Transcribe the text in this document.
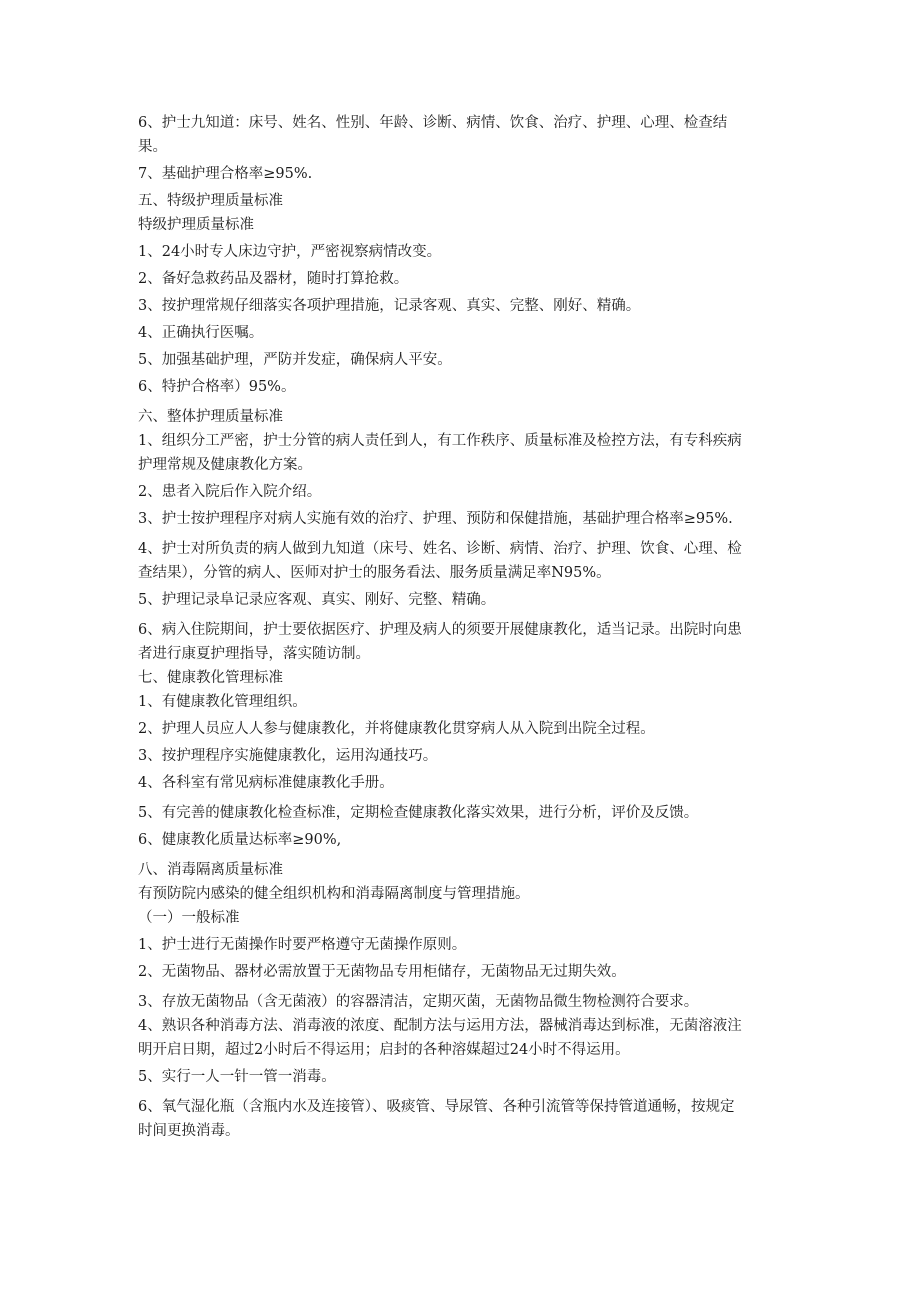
6、护士九知道：床号、姓名、性别、年龄、诊断、病情、饮食、治疗、护理、心理、检查结

果。

7、基础护理合格率≥95%.

五、特级护理质量标准

特级护理质量标准

1、24小时专人床边守护，严密视察病情改变。

2、备好急救药品及器材，随时打算抢救。

3、按护理常规仔细落实各项护理措施，记录客观、真实、完整、刚好、精确。

4、正确执行医嘱。

5、加强基础护理，严防并发症，确保病人平安。

6、特护合格率）95%。

六、整体护理质量标准

1、组织分工严密，护士分管的病人责任到人，有工作秩序、质量标准及检控方法，有专科疾病

护理常规及健康教化方案。

2、患者入院后作入院介绍。

3、护士按护理程序对病人实施有效的治疗、护理、预防和保健措施，基础护理合格率≥95%.

4、护士对所负责的病人做到九知道（床号、姓名、诊断、病情、治疗、护理、饮食、心理、检

查结果），分管的病人、医师对护士的服务看法、服务质量满足率N95%。

5、护理记录阜记录应客观、真实、刚好、完整、精确。

6、病入住院期间，护士要依据医疗、护理及病人的须要开展健康教化，适当记录。出院时向患

者进行康夏护理指导，落实随访制。

七、健康教化管理标准

1、有健康教化管理组织。

2、护理人员应人人参与健康教化，并将健康教化贯穿病人从入院到出院全过程。

3、按护理程序实施健康教化，运用沟通技巧。

4、各科室有常见病标准健康教化手册。

5、有完善的健康教化检查标准，定期检查健康教化落实效果，进行分析，评价及反馈。

6、健康教化质量达标率≥90%,

八、消毒隔离质量标准

有预防院内感染的健全组织机构和消毒隔离制度与管理措施。

（一）一般标准

1、护士进行无菌操作时要严格遵守无菌操作原则。

2、无菌物品、器材必需放置于无菌物品专用柜储存，无菌物品无过期失效。

3、存放无菌物品（含无菌液）的容器清洁，定期灭菌，无菌物品微生物检测符合要求。

4、熟识各种消毒方法、消毒液的浓度、配制方法与运用方法，器械消毒达到标准，无菌溶液注

明开启日期，超过2小时后不得运用；启封的各种溶媒超过24小时不得运用。

5、实行一人一针一管一消毒。

6、氧气湿化瓶（含瓶内水及连接管）、吸痰管、导尿管、各种引流管等保持管道通畅，按规定

时间更换消毒。
